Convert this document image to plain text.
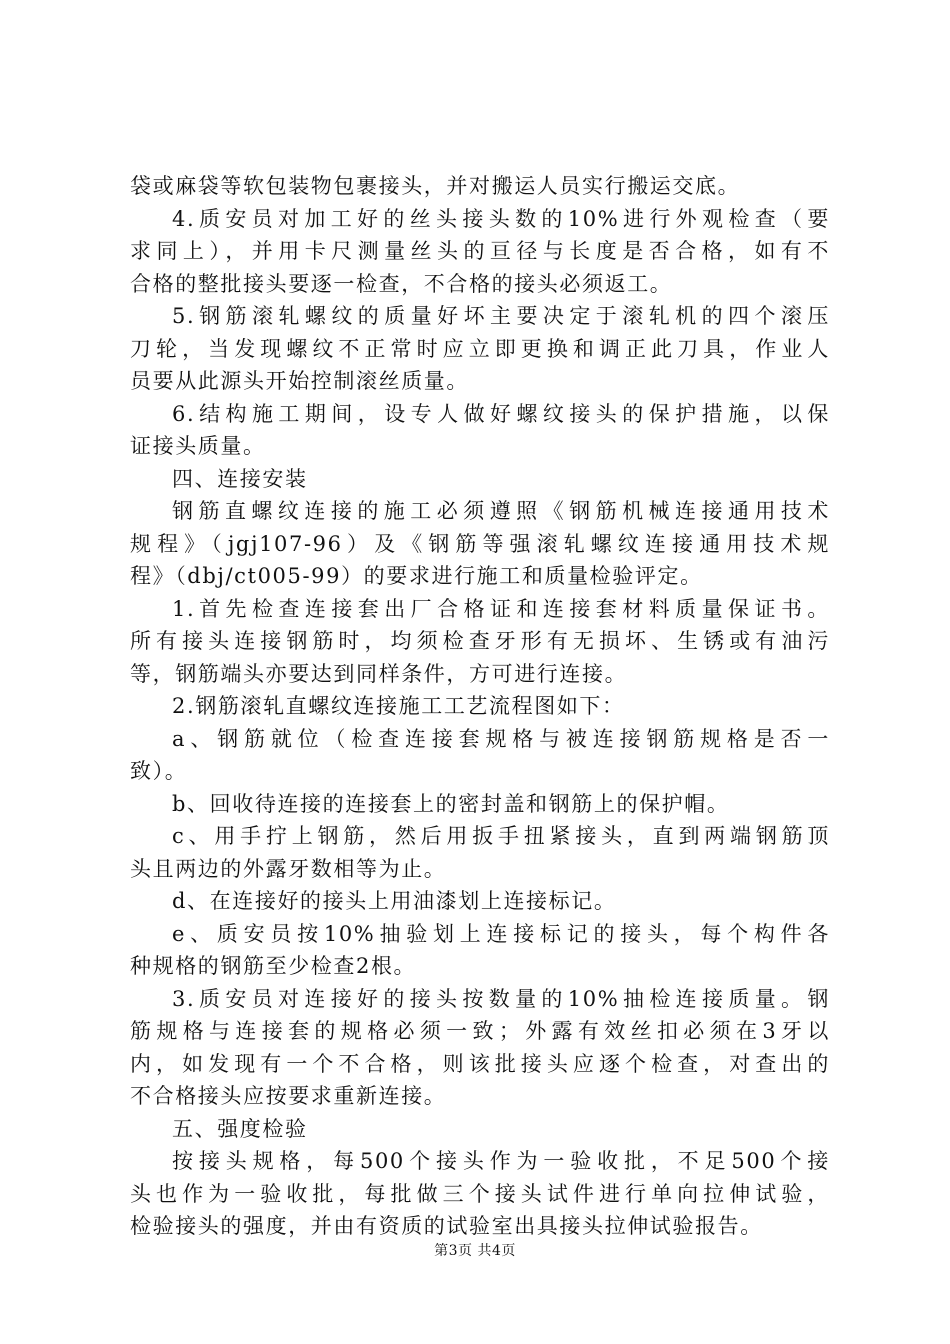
袋或麻袋等软包装物包裹接头，并对搬运人员实行搬运交底。

4.质安员对加工好的丝头接头数的10%进行外观检查（要

求同上），并用卡尺测量丝头的亘径与长度是否合格，如有不

合格的整批接头要逐一检查，不合格的接头必须返工。

5.钢筋滚轧螺纹的质量好坏主要决定于滚轧机的四个滚压

刀轮，当发现螺纹不正常时应立即更换和调正此刀具，作业人

员要从此源头开始控制滚丝质量。

6.结构施工期间，设专人做好螺纹接头的保护措施，以保

证接头质量。

四、连接安装

钢筋直螺纹连接的施工必须遵照《钢筋机械连接通用技术

规程》（jgj107-96）及《钢筋等强滚轧螺纹连接通用技术规

程》（dbj/ct005-99）的要求进行施工和质量检验评定。

1.首先检查连接套出厂合格证和连接套材料质量保证书。

所有接头连接钢筋时，均须检查牙形有无损坏、生锈或有油污

等，钢筋端头亦要达到同样条件，方可进行连接。

2.钢筋滚轧直螺纹连接施工工艺流程图如下：

a、钢筋就位（检查连接套规格与被连接钢筋规格是否一

致）。

b、回收待连接的连接套上的密封盖和钢筋上的保护帽。

c、用手拧上钢筋，然后用扳手扭紧接头，直到两端钢筋顶

头且两边的外露牙数相等为止。

d、在连接好的接头上用油漆划上连接标记。

e、质安员按10%抽验划上连接标记的接头，每个构件各

种规格的钢筋至少检查2根。

3.质安员对连接好的接头按数量的10%抽检连接质量。钢

筋规格与连接套的规格必须一致；外露有效丝扣必须在3牙以

内，如发现有一个不合格，则该批接头应逐个检查，对查出的

不合格接头应按要求重新连接。

五、强度检验

按接头规格，每500个接头作为一验收批，不足500个接

头也作为一验收批，每批做三个接头试件进行单向拉伸试验，

检验接头的强度，并由有资质的试验室出具接头拉伸试验报告。

第3页 共4页
